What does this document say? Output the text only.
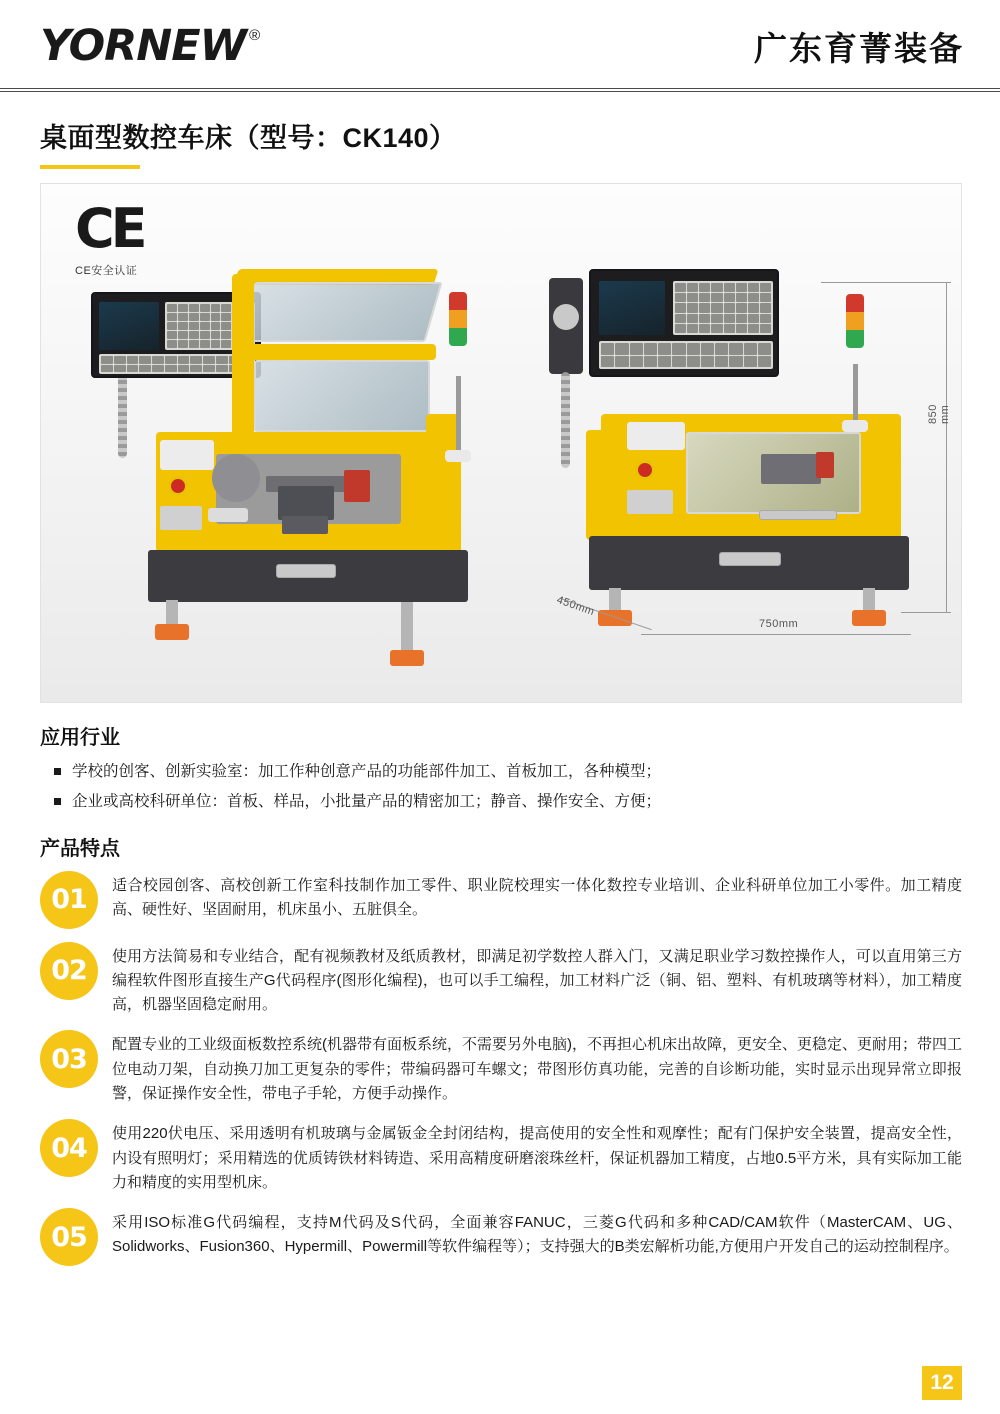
YORNEW ®	广东育菁装备
桌面型数控车床（型号：CK140）
CE
CE安全认证
850 mm
750mm
450mm
应用行业
学校的创客、创新实验室：加工作种创意产品的功能部件加工、首板加工，各种模型；
企业或高校科研单位：首板、样品，小批量产品的精密加工；静音、操作安全、方便；
产品特点
01	适合校园创客、高校创新工作室科技制作加工零件、职业院校理实一体化数控专业培训、企业科研单位加工小零件。加工精度高、硬性好、坚固耐用，机床虽小、五脏俱全。
02	使用方法简易和专业结合，配有视频教材及纸质教材，即满足初学数控人群入门，又满足职业学习数控操作人，可以直用第三方编程软件图形直接生产G代码程序(图形化编程)，也可以手工编程，加工材料广泛（铜、铝、塑料、有机玻璃等材料），加工精度高，机器坚固稳定耐用。
03	配置专业的工业级面板数控系统(机器带有面板系统，不需要另外电脑)，不再担心机床出故障，更安全、更稳定、更耐用；带四工位电动刀架，自动换刀加工更复杂的零件；带编码器可车螺文；带图形仿真功能，完善的自诊断功能，实时显示出现异常立即报警，保证操作安全性，带电子手轮，方便手动操作。
04	使用220伏电压、采用透明有机玻璃与金属钣金全封闭结构，提高使用的安全性和观摩性；配有门保护安全装置，提高安全性，内设有照明灯；采用精选的优质铸铁材料铸造、采用高精度研磨滚珠丝杆，保证机器加工精度，占地0.5平方米，具有实际加工能力和精度的实用型机床。
05	采用ISO标准G代码编程，支持M代码及S代码，全面兼容FANUC，三菱G代码和多种CAD/CAM软件（MasterCAM、UG、Solidworks、Fusion360、Hypermill、Powermill等软件编程等）；支持强大的B类宏解析功能,方便用户开发自己的运动控制程序。
12
